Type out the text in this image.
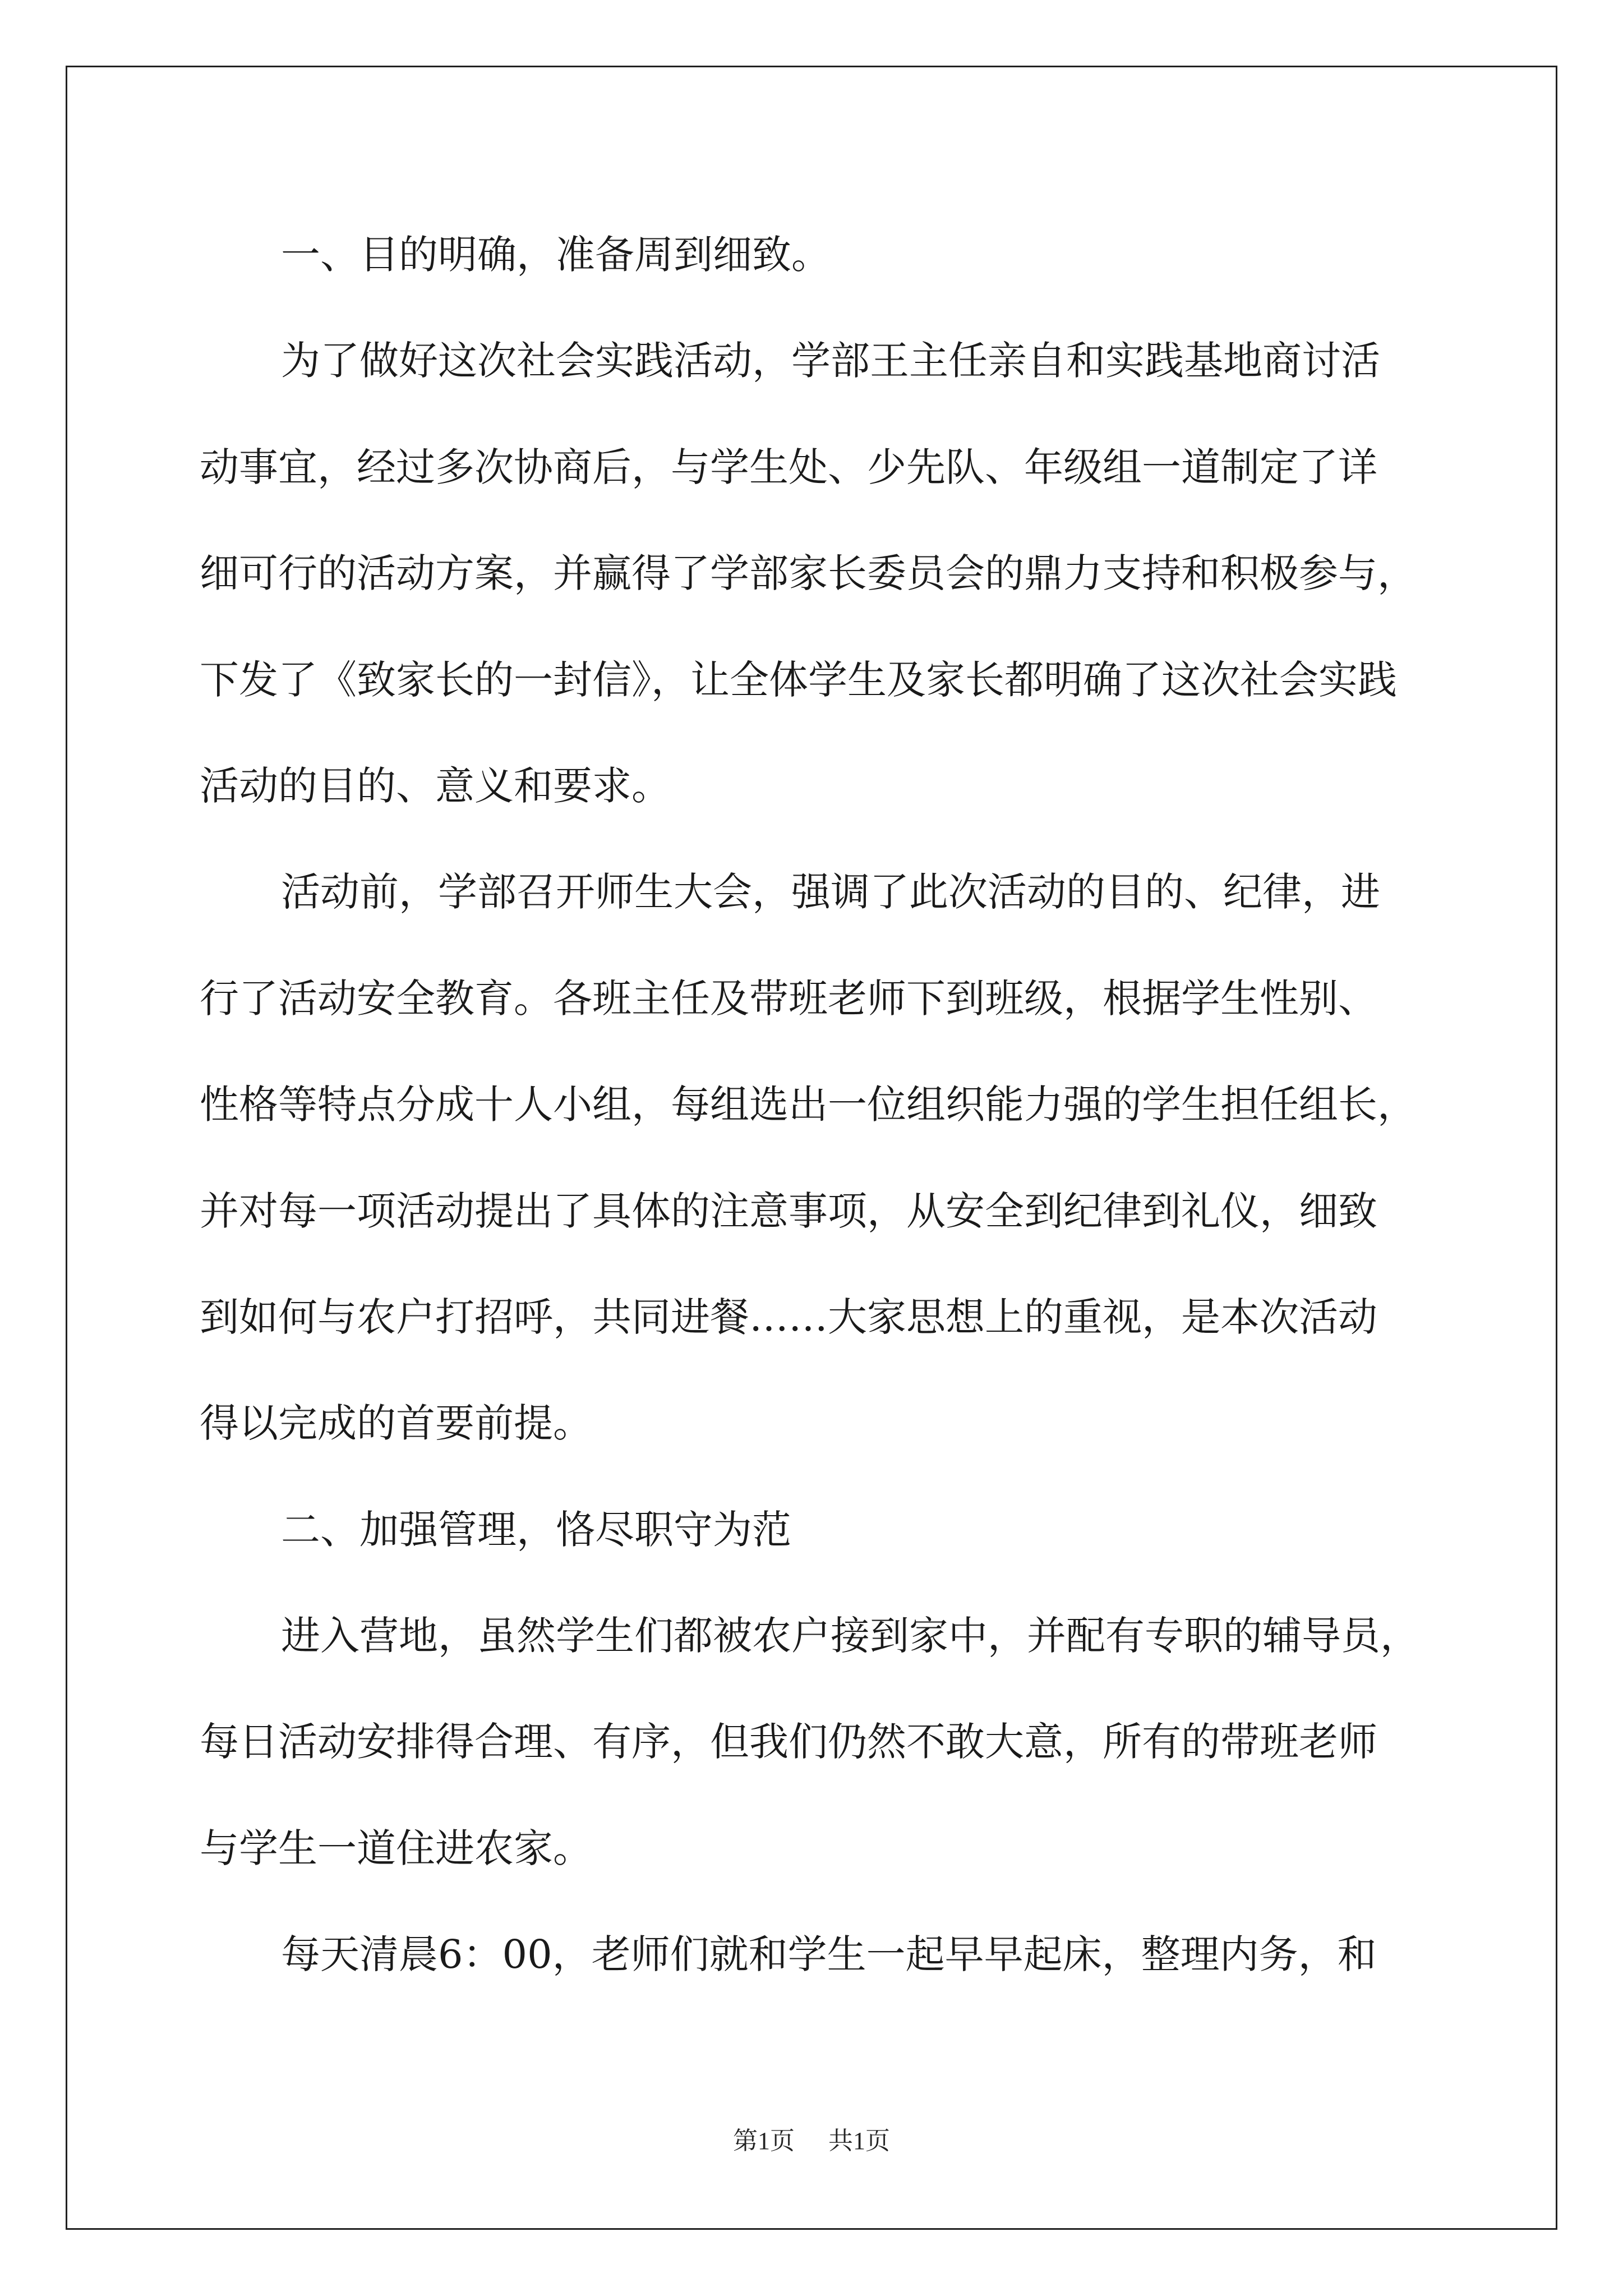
一、目的明确，准备周到细致。
为了做好这次社会实践活动，学部王主任亲自和实践基地商讨活
动事宜，经过多次协商后，与学生处、少先队、年级组一道制定了详
细可行的活动方案，并赢得了学部家长委员会的鼎力支持和积极参与，
下发了《致家长的一封信》，让全体学生及家长都明确了这次社会实践
活动的目的、意义和要求。
活动前，学部召开师生大会，强调了此次活动的目的、纪律，进
行了活动安全教育。各班主任及带班老师下到班级，根据学生性别、
性格等特点分成十人小组，每组选出一位组织能力强的学生担任组长，
并对每一项活动提出了具体的注意事项，从安全到纪律到礼仪，细致
到如何与农户打招呼，共同进餐……大家思想上的重视，是本次活动
得以完成的首要前提。
二、加强管理，恪尽职守为范
进入营地，虽然学生们都被农户接到家中，并配有专职的辅导员，
每日活动安排得合理、有序，但我们仍然不敢大意，所有的带班老师
与学生一道住进农家。
每天清晨6：00，老师们就和学生一起早早起床，整理内务，和
第1页 共1页
